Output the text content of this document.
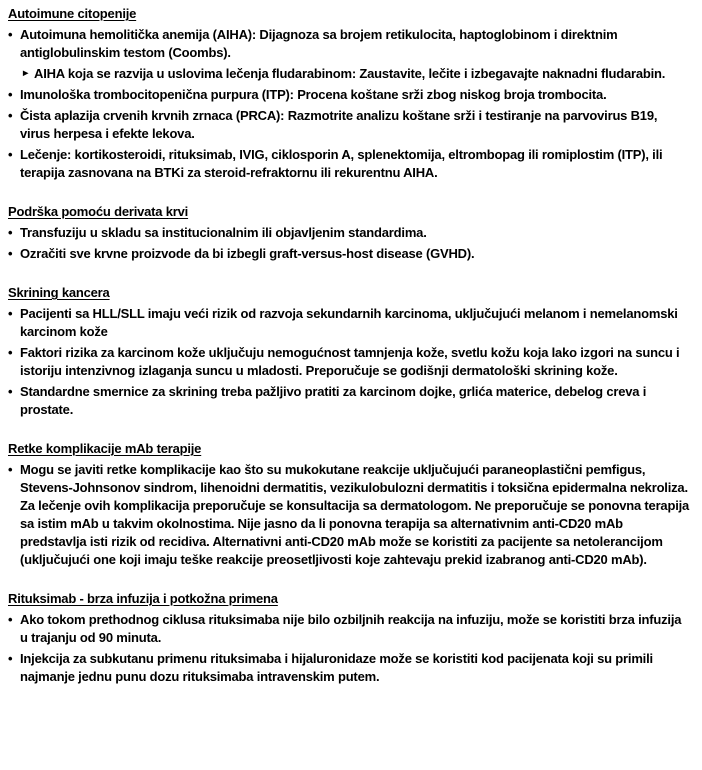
Autoimune citopenije

• Autoimuna hemolitička anemija (AIHA): Dijagnoza sa brojem retikulocita, haptoglobinom i direktnim antiglobulinskim testom (Coombs).

► AIHA koja se razvija u uslovima lečenja fludarabinom: Zaustavite, lečite i izbegavajte naknadni fludarabin.

• Imunološka trombocitopenična purpura (ITP): Procena koštane srži zbog niskog broja trombocita.

• Čista aplazija crvenih krvnih zrnaca (PRCA): Razmotrite analizu koštane srži i testiranje na parvovirus B19, virus herpesa i efekte lekova.

• Lečenje: kortikosteroidi, rituksimab, IVIG, ciklosporin A, splenektomija, eltrombopag ili romiplostim (ITP), ili terapija zasnovana na BTKi za steroid-refraktornu ili rekurentnu AIHA.

Podrška pomoću derivata krvi

• Transfuziju u skladu sa institucionalnim ili objavljenim standardima.

• Ozračiti sve krvne proizvode da bi izbegli graft-versus-host disease (GVHD).

Skrining kancera

• Pacijenti sa HLL/SLL imaju veći rizik od razvoja sekundarnih karcinoma, uključujući melanom i nemelanomski karcinom kože

• Faktori rizika za karcinom kože uključuju nemogućnost tamnjenja kože, svetlu kožu koja lako izgori na suncu i istoriju intenzivnog izlaganja suncu u mladosti. Preporučuje se godišnji dermatološki skrining kože.

• Standardne smernice za skrining treba pažljivo pratiti za karcinom dojke, grlića materice, debelog creva i prostate.

Retke komplikacije mAb terapije

• Mogu se javiti retke komplikacije kao što su mukokutane reakcije uključujući paraneoplastični pemfigus, Stevens-Johnsonov sindrom, lihenoidni dermatitis, vezikulobulozni dermatitis i toksična epidermalna nekroliza. Za lečenje ovih komplikacija preporučuje se konsultacija sa dermatologom. Ne preporučuje se ponovna terapija sa istim mAb u takvim okolnostima. Nije jasno da li ponovna terapija sa alternativnim anti-CD20 mAb predstavlja isti rizik od recidiva. Alternativni anti-CD20 mAb može se koristiti za pacijente sa netolerancijom (uključujući one koji imaju teške reakcije preosetljivosti koje zahtevaju prekid izabranog anti-CD20 mAb).

Rituksimab - brza infuzija i potkožna primena

• Ako tokom prethodnog ciklusa rituksimaba nije bilo ozbiljnih reakcija na infuziju, može se koristiti brza infuzija u trajanju od 90 minuta.

• Injekcija za subkutanu primenu rituksimaba i hijaluronidaze može se koristiti kod pacijenata koji su primili najmanje jednu punu dozu rituksimaba intravenskim putem.
